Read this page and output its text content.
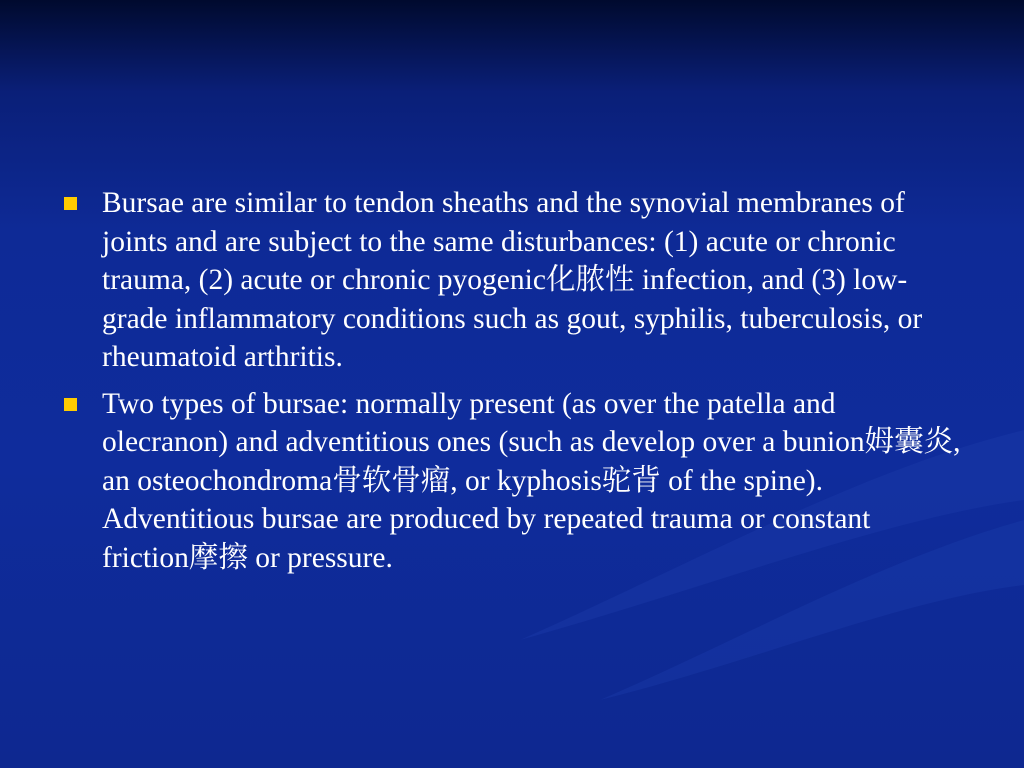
Bursae are similar to tendon sheaths and the synovial membranes of joints and are subject to the same disturbances: (1) acute or chronic trauma, (2) acute or chronic pyogenic化脓性 infection, and (3) low-grade inflammatory conditions such as gout, syphilis, tuberculosis, or rheumatoid arthritis.
Two types of bursae: normally present (as over the patella and olecranon) and adventitious ones (such as develop over a bunion姆囊炎, an osteochondroma骨软骨瘤, or kyphosis驼背 of the spine). Adventitious bursae are produced by repeated trauma or constant friction摩擦 or pressure.
